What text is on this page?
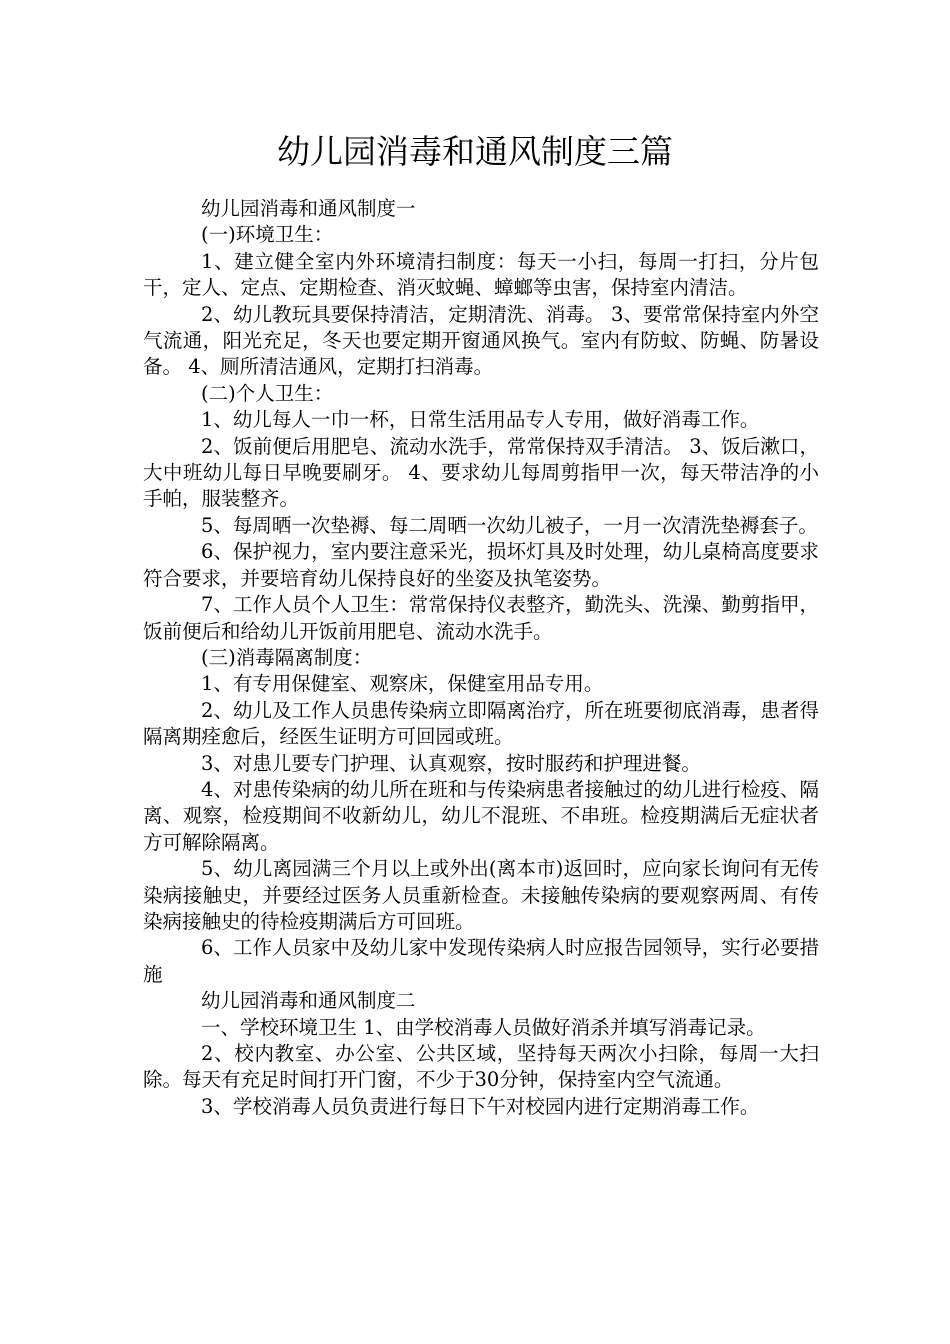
幼儿园消毒和通风制度三篇

幼儿园消毒和通风制度一

(一)环境卫生：

1、建立健全室内外环境清扫制度：每天一小扫，每周一打扫，分片包干，定人、定点、定期检查、消灭蚊蝇、蟑螂等虫害，保持室内清洁。

2、幼儿教玩具要保持清洁，定期清洗、消毒。 3、要常常保持室内外空气流通，阳光充足，冬天也要定期开窗通风换气。室内有防蚊、防蝇、防暑设备。 4、厕所清洁通风，定期打扫消毒。

(二)个人卫生：

1、幼儿每人一巾一杯，日常生活用品专人专用，做好消毒工作。

2、饭前便后用肥皂、流动水洗手，常常保持双手清洁。 3、饭后漱口，大中班幼儿每日早晚要刷牙。 4、要求幼儿每周剪指甲一次，每天带洁净的小手帕，服装整齐。

5、每周晒一次垫褥、每二周晒一次幼儿被子，一月一次清洗垫褥套子。

6、保护视力，室内要注意采光，损坏灯具及时处理，幼儿桌椅高度要求符合要求，并要培育幼儿保持良好的坐姿及执笔姿势。

7、工作人员个人卫生：常常保持仪表整齐，勤洗头、洗澡、勤剪指甲，饭前便后和给幼儿开饭前用肥皂、流动水洗手。

(三)消毒隔离制度：

1、有专用保健室、观察床，保健室用品专用。

2、幼儿及工作人员患传染病立即隔离治疗，所在班要彻底消毒，患者得隔离期痊愈后，经医生证明方可回园或班。

3、对患儿要专门护理、认真观察，按时服药和护理进餐。

4、对患传染病的幼儿所在班和与传染病患者接触过的幼儿进行检疫、隔离、观察，检疫期间不收新幼儿，幼儿不混班、不串班。检疫期满后无症状者方可解除隔离。

5、幼儿离园满三个月以上或外出(离本市)返回时，应向家长询问有无传染病接触史，并要经过医务人员重新检查。未接触传染病的要观察两周、有传染病接触史的待检疫期满后方可回班。

6、工作人员家中及幼儿家中发现传染病人时应报告园领导，实行必要措施

幼儿园消毒和通风制度二

一、学校环境卫生 1、由学校消毒人员做好消杀并填写消毒记录。

2、校内教室、办公室、公共区域，坚持每天两次小扫除，每周一大扫除。每天有充足时间打开门窗，不少于30分钟，保持室内空气流通。

3、学校消毒人员负责进行每日下午对校园内进行定期消毒工作。
